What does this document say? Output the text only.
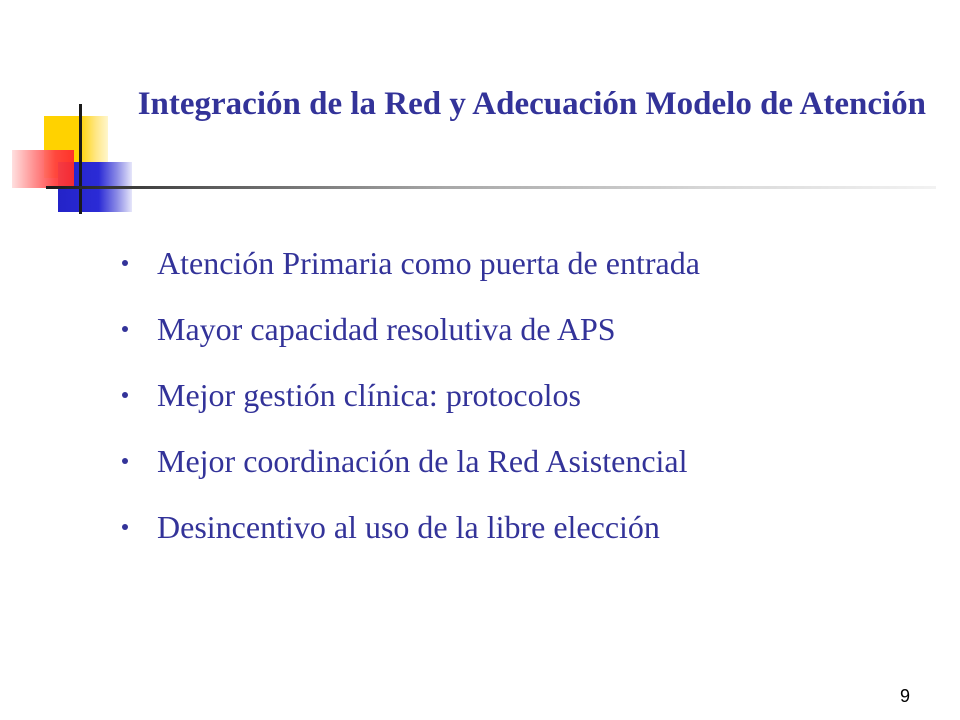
Integración de la Red y Adecuación Modelo de Atención
Atención Primaria como puerta de entrada
Mayor capacidad resolutiva de APS
Mejor gestión clínica: protocolos
Mejor coordinación de la Red Asistencial
Desincentivo al uso de la libre elección
9
